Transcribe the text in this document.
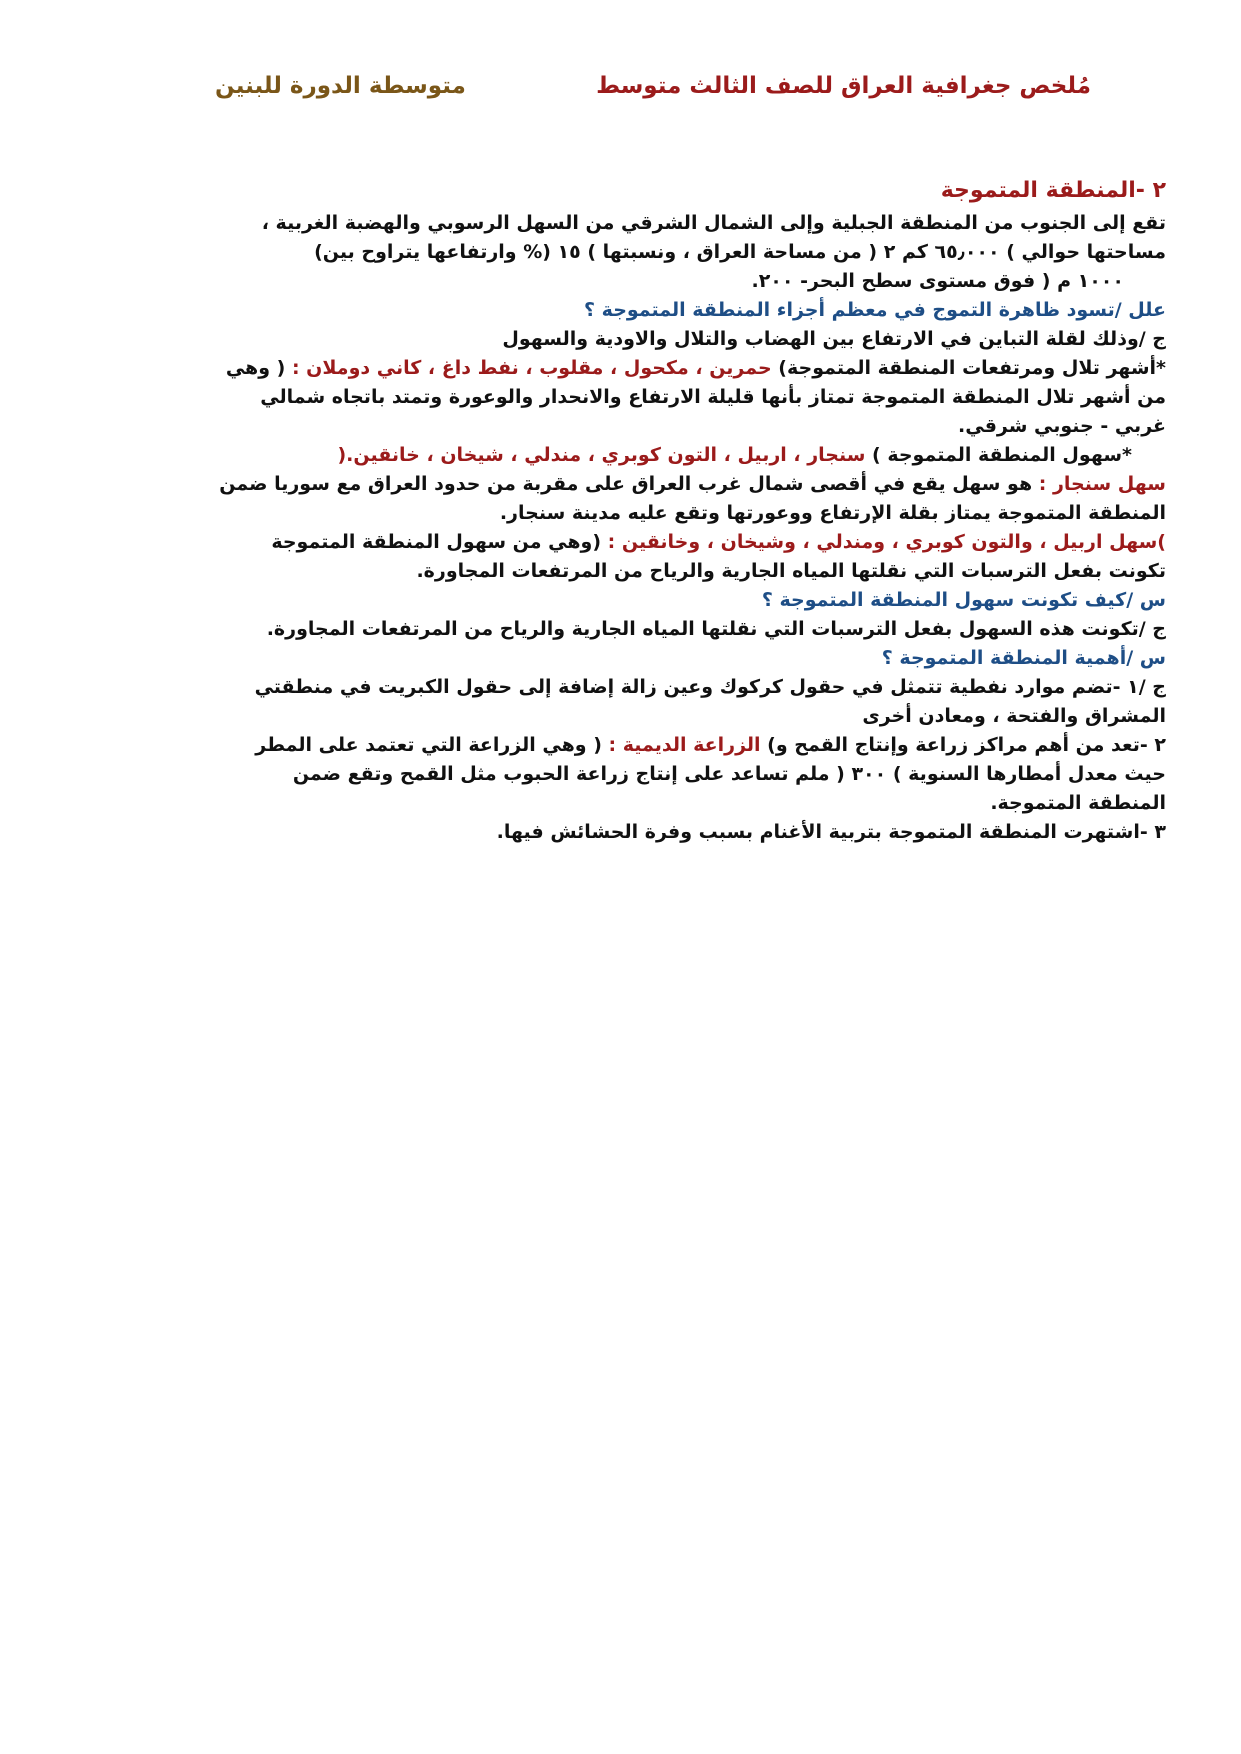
مُلخص جغرافية العراق للصف الثالث متوسط
متوسطة الدورة للبنين

٢ -المنطقة المتموجة

تقع إلى الجنوب من المنطقة الجبلية وإلى الشمال الشرقي من السهل الرسوبي والهضبة الغربية ،

مساحتها حوالي ) ٦٥٫٠٠٠ كم ٢ ( من مساحة العراق ، ونسبتها ) ١٥ (% وارتفاعها يتراوح بين)

١٠٠٠ م ( فوق مستوى سطح البحر- ٢٠٠.

علل /تسود ظاهرة التموج في معظم أجزاء المنطقة المتموجة ؟

ج /وذلك لقلة التباين في الارتفاع بين الهضاب والتلال والاودية والسهول

*أشهر تلال ومرتفعات المنطقة المتموجة) حمرين ، مكحول ، مقلوب ، نفط داغ ، كاني دوملان : ( وهي

من أشهر تلال المنطقة المتموجة تمتاز بأنها قليلة الارتفاع والانحدار والوعورة وتمتد باتجاه شمالي

غربي - جنوبي شرقي.

*سهول المنطقة المتموجة ) سنجار ، اربيل ، التون كوبري ، مندلي ، شيخان ، خانقين.(

سهل سنجار : هو سهل يقع في أقصى شمال غرب العراق على مقربة من حدود العراق مع سوريا ضمن

المنطقة المتموجة يمتاز بقلة الإرتفاع ووعورتها وتقع عليه مدينة سنجار.

)سهل اربيل ، والتون كوبري ، ومندلي ، وشيخان ، وخانقين : (وهي من سهول المنطقة المتموجة

تكونت بفعل الترسبات التي نقلتها المياه الجارية والرياح من المرتفعات المجاورة.

س /كيف تكونت سهول المنطقة المتموجة ؟

ج /تكونت هذه السهول بفعل الترسبات التي نقلتها المياه الجارية والرياح من المرتفعات المجاورة.

س /أهمية المنطقة المتموجة ؟

ج /١ -تضم موارد نفطية تتمثل في حقول كركوك وعين زالة إضافة إلى حقول الكبريت في منطقتي

المشراق والفتحة ، ومعادن أخرى

٢ -تعد من أهم مراكز زراعة وإنتاج القمح و) الزراعة الديمية : ( وهي الزراعة التي تعتمد على المطر

حيث معدل أمطارها السنوية ) ٣٠٠ ( ملم تساعد على إنتاج زراعة الحبوب مثل القمح وتقع ضمن

المنطقة المتموجة.

٣ -اشتهرت المنطقة المتموجة بتربية الأغنام بسبب وفرة الحشائش فيها.
